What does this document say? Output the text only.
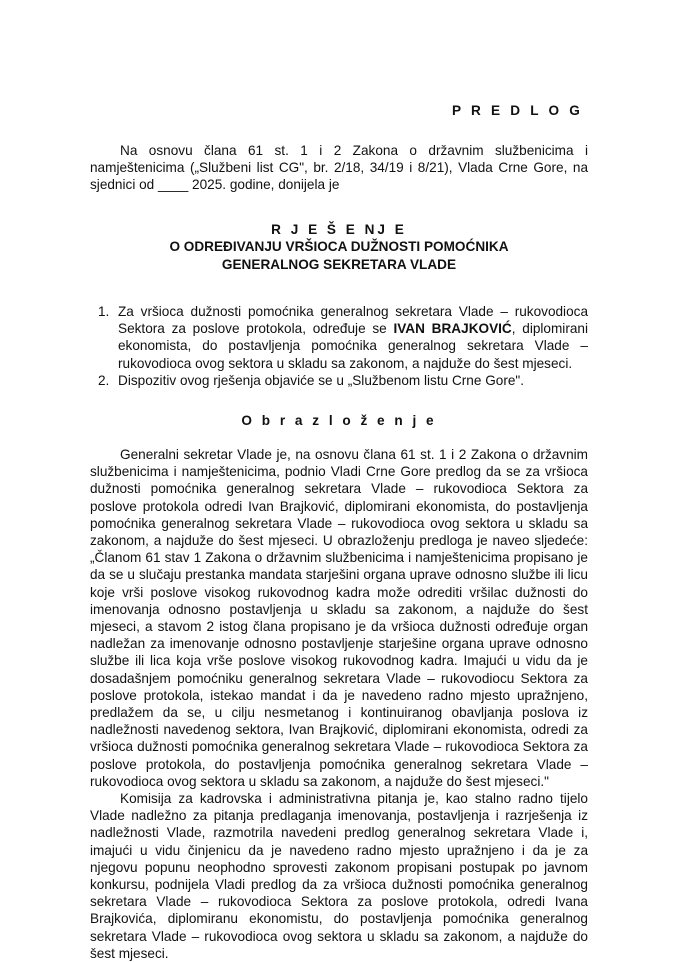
P R E D L O G

Na osnovu člana 61 st. 1 i 2 Zakona o državnim službenicima i namještenicima („Službeni list CG", br. 2/18, 34/19 i 8/21), Vlada Crne Gore, na sjednici od ____ 2025. godine, donijela je

R J E Š E NJ E
O ODREĐIVANJU VRŠIOCA DUŽNOSTI POMOĆNIKA
GENERALNOG SEKRETARA VLADE
1. Za vršioca dužnosti pomoćnika generalnog sekretara Vlade – rukovodioca Sektora za poslove protokola, određuje se IVAN BRAJKOVIĆ, diplomirani ekonomista, do postavljenja pomoćnika generalnog sekretara Vlade – rukovodioca ovog sektora u skladu sa zakonom, a najduže do šest mjeseci.
2. Dispozitiv ovog rješenja objaviće se u „Službenom listu Crne Gore".
O b r a z l o ž e n j e

Generalni sekretar Vlade je, na osnovu člana 61 st. 1 i 2 Zakona o državnim službenicima i namještenicima, podnio Vladi Crne Gore predlog da se za vršioca dužnosti pomoćnika generalnog sekretara Vlade – rukovodioca Sektora za poslove protokola odredi Ivan Brajković, diplomirani ekonomista, do postavljenja pomoćnika generalnog sekretara Vlade – rukovodioca ovog sektora u skladu sa zakonom, a najduže do šest mjeseci. U obrazloženju predloga je naveo sljedeće: „Članom 61 stav 1 Zakona o državnim službenicima i namještenicima propisano je da se u slučaju prestanka mandata starješini organa uprave odnosno službe ili licu koje vrši poslove visokog rukovodnog kadra može odrediti vršilac dužnosti do imenovanja odnosno postavljenja u skladu sa zakonom, a najduže do šest mjeseci, a stavom 2 istog člana propisano je da vršioca dužnosti određuje organ nadležan za imenovanje odnosno postavljenje starješine organa uprave odnosno službe ili lica koja vrše poslove visokog rukovodnog kadra. Imajući u vidu da je dosadašnjem pomoćniku generalnog sekretara Vlade – rukovodiocu Sektora za poslove protokola, istekao mandat i da je navedeno radno mjesto upražnjeno, predlažem da se, u cilju nesmetanog i kontinuiranog obavljanja poslova iz nadležnosti navedenog sektora, Ivan Brajković, diplomirani ekonomista, odredi za vršioca dužnosti pomoćnika generalnog sekretara Vlade – rukovodioca Sektora za poslove protokola, do postavljenja pomoćnika generalnog sekretara Vlade – rukovodioca ovog sektora u skladu sa zakonom, a najduže do šest mjeseci."

Komisija za kadrovska i administrativna pitanja je, kao stalno radno tijelo Vlade nadležno za pitanja predlaganja imenovanja, postavljenja i razrješenja iz nadležnosti Vlade, razmotrila navedeni predlog generalnog sekretara Vlade i, imajući u vidu činjenicu da je navedeno radno mjesto upražnjeno i da je za njegovu popunu neophodno sprovesti zakonom propisani postupak po javnom konkursu, podnijela Vladi predlog da za vršioca dužnosti pomoćnika generalnog sekretara Vlade – rukovodioca Sektora za poslove protokola, odredi Ivana Brajkovića, diplomiranu ekonomistu, do postavljenja pomoćnika generalnog sekretara Vlade – rukovodioca ovog sektora u skladu sa zakonom, a najduže do šest mjeseci.
